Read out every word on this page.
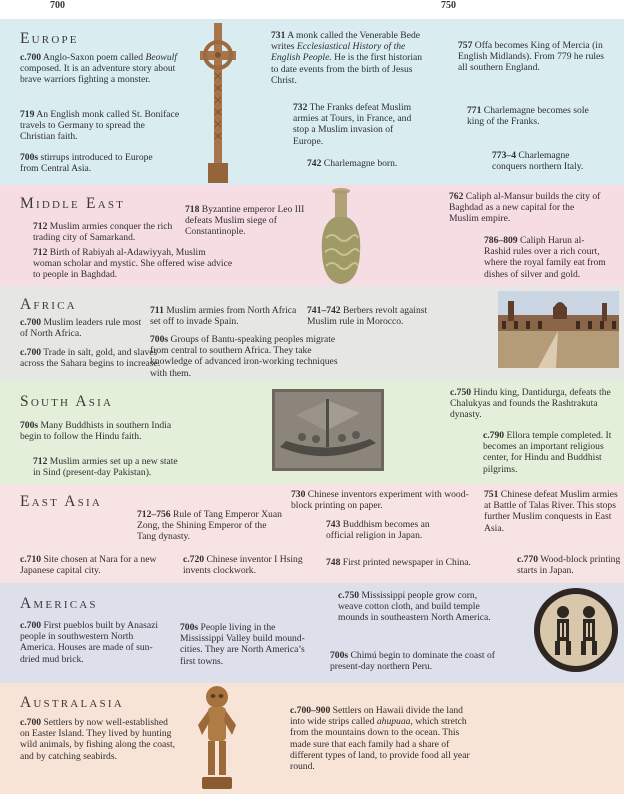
700	750
Europe

c.700 Anglo-Saxon poem called Beowulf composed. It is an adventure story about brave warriors fighting a monster.

719 An English monk called St. Boniface travels to Germany to spread the Christian faith.

700s stirrups introduced to Europe from Central Asia.

731 A monk called the Venerable Bede writes Ecclesiastical History of the English People. He is the first historian to date events from the birth of Jesus Christ.

732 The Franks defeat Muslim armies at Tours, in France, and stop a Muslim invasion of Europe.

742 Charlemagne born.

757 Offa becomes King of Mercia (in English Midlands). From 779 he rules all southern England.

771 Charlemagne becomes sole king of the Franks.

773–4 Charlemagne conquers northern Italy.

Middle East

712 Muslim armies conquer the rich trading city of Samarkand.

712 Birth of Rabiyah al-Adawiyyah, Muslim woman scholar and mystic. She offered wise advice to people in Baghdad.

718 Byzantine emperor Leo III defeats Muslim siege of Constantinople.

762 Caliph al-Mansur builds the city of Baghdad as a new capital for the Muslim empire.

786–809 Caliph Harun al-Rashid rules over a rich court, where the royal family eat from dishes of silver and gold.

Africa

c.700 Muslim leaders rule most of North Africa.

c.700 Trade in salt, gold, and slaves across the Sahara begins to increase.

711 Muslim armies from North Africa set off to invade Spain.

741–742 Berbers revolt against Muslim rule in Morocco.

700s Groups of Bantu-speaking peoples migrate from central to southern Africa. They take knowledge of advanced iron-working techniques with them.

South Asia

700s Many Buddhists in southern India begin to follow the Hindu faith.

712 Muslim armies set up a new state in Sind (present-day Pakistan).

c.750 Hindu king, Dantidurga, defeats the Chalukyas and founds the Rashtrakuta dynasty.

c.790 Ellora temple completed. It becomes an important religious center, for Hindu and Buddhist pilgrims.

East Asia

712–756 Rule of Tang Emperor Xuan Zong, the Shining Emperor of the Tang dynasty.

c.710 Site chosen at Nara for a new Japanese capital city.

c.720 Chinese inventor I Hsing invents clockwork.

730 Chinese inventors experiment with wood-block printing on paper.

743 Buddhism becomes an official religion in Japan.

748 First printed newspaper in China.

751 Chinese defeat Muslim armies at Battle of Talas River. This stops further Muslim conquests in East Asia.

c.770 Wood-block printing starts in Japan.

Americas

c.700 First pueblos built by Anasazi people in southwestern North America. Houses are made of sun-dried mud brick.

700s People living in the Mississippi Valley build mound-cities. They are North America’s first towns.

c.750 Mississippi people grow corn, weave cotton cloth, and build temple mounds in southeastern North America.

700s Chimú begin to dominate the coast of present-day northern Peru.

Australasia

c.700 Settlers by now well-established on Easter Island. They lived by hunting wild animals, by fishing along the coast, and by catching seabirds.

c.700–900 Settlers on Hawaii divide the land into wide strips called ahupuaa, which stretch from the mountains down to the ocean. This made sure that each family had a share of different types of land, to provide food all year round.
